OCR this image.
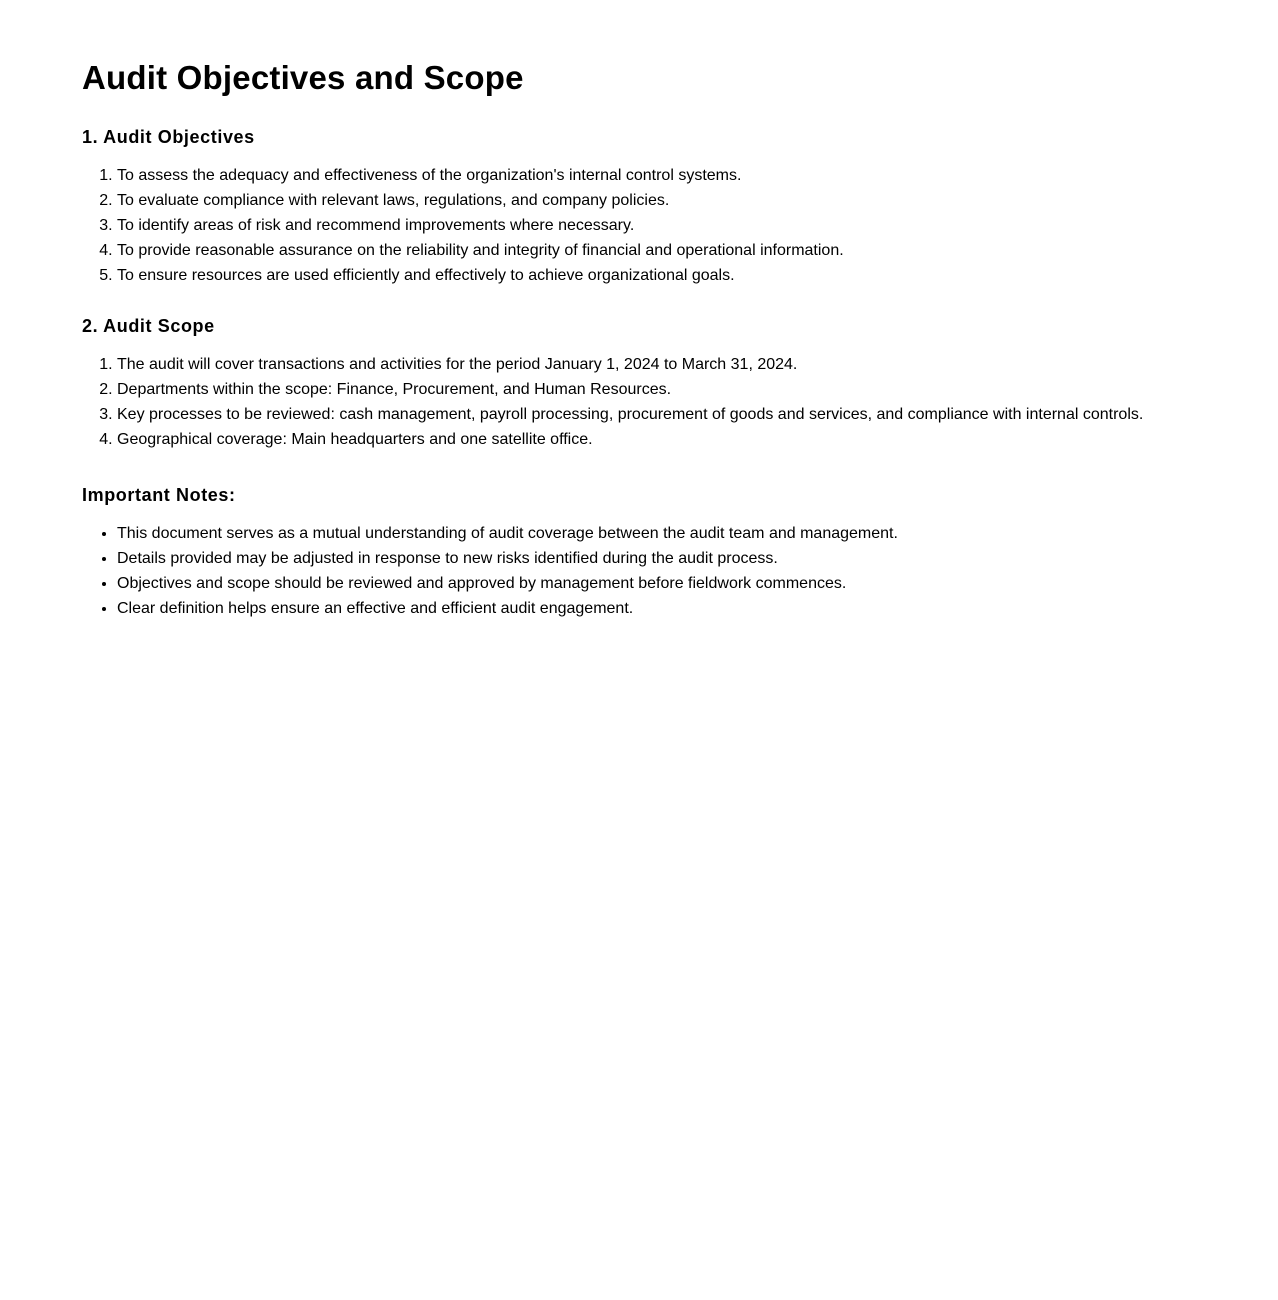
Audit Objectives and Scope
1. Audit Objectives
1. To assess the adequacy and effectiveness of the organization's internal control systems.
2. To evaluate compliance with relevant laws, regulations, and company policies.
3. To identify areas of risk and recommend improvements where necessary.
4. To provide reasonable assurance on the reliability and integrity of financial and operational information.
5. To ensure resources are used efficiently and effectively to achieve organizational goals.
2. Audit Scope
1. The audit will cover transactions and activities for the period January 1, 2024 to March 31, 2024.
2. Departments within the scope: Finance, Procurement, and Human Resources.
3. Key processes to be reviewed: cash management, payroll processing, procurement of goods and services, and compliance with internal controls.
4. Geographical coverage: Main headquarters and one satellite office.
Important Notes:
• This document serves as a mutual understanding of audit coverage between the audit team and management.
• Details provided may be adjusted in response to new risks identified during the audit process.
• Objectives and scope should be reviewed and approved by management before fieldwork commences.
• Clear definition helps ensure an effective and efficient audit engagement.
